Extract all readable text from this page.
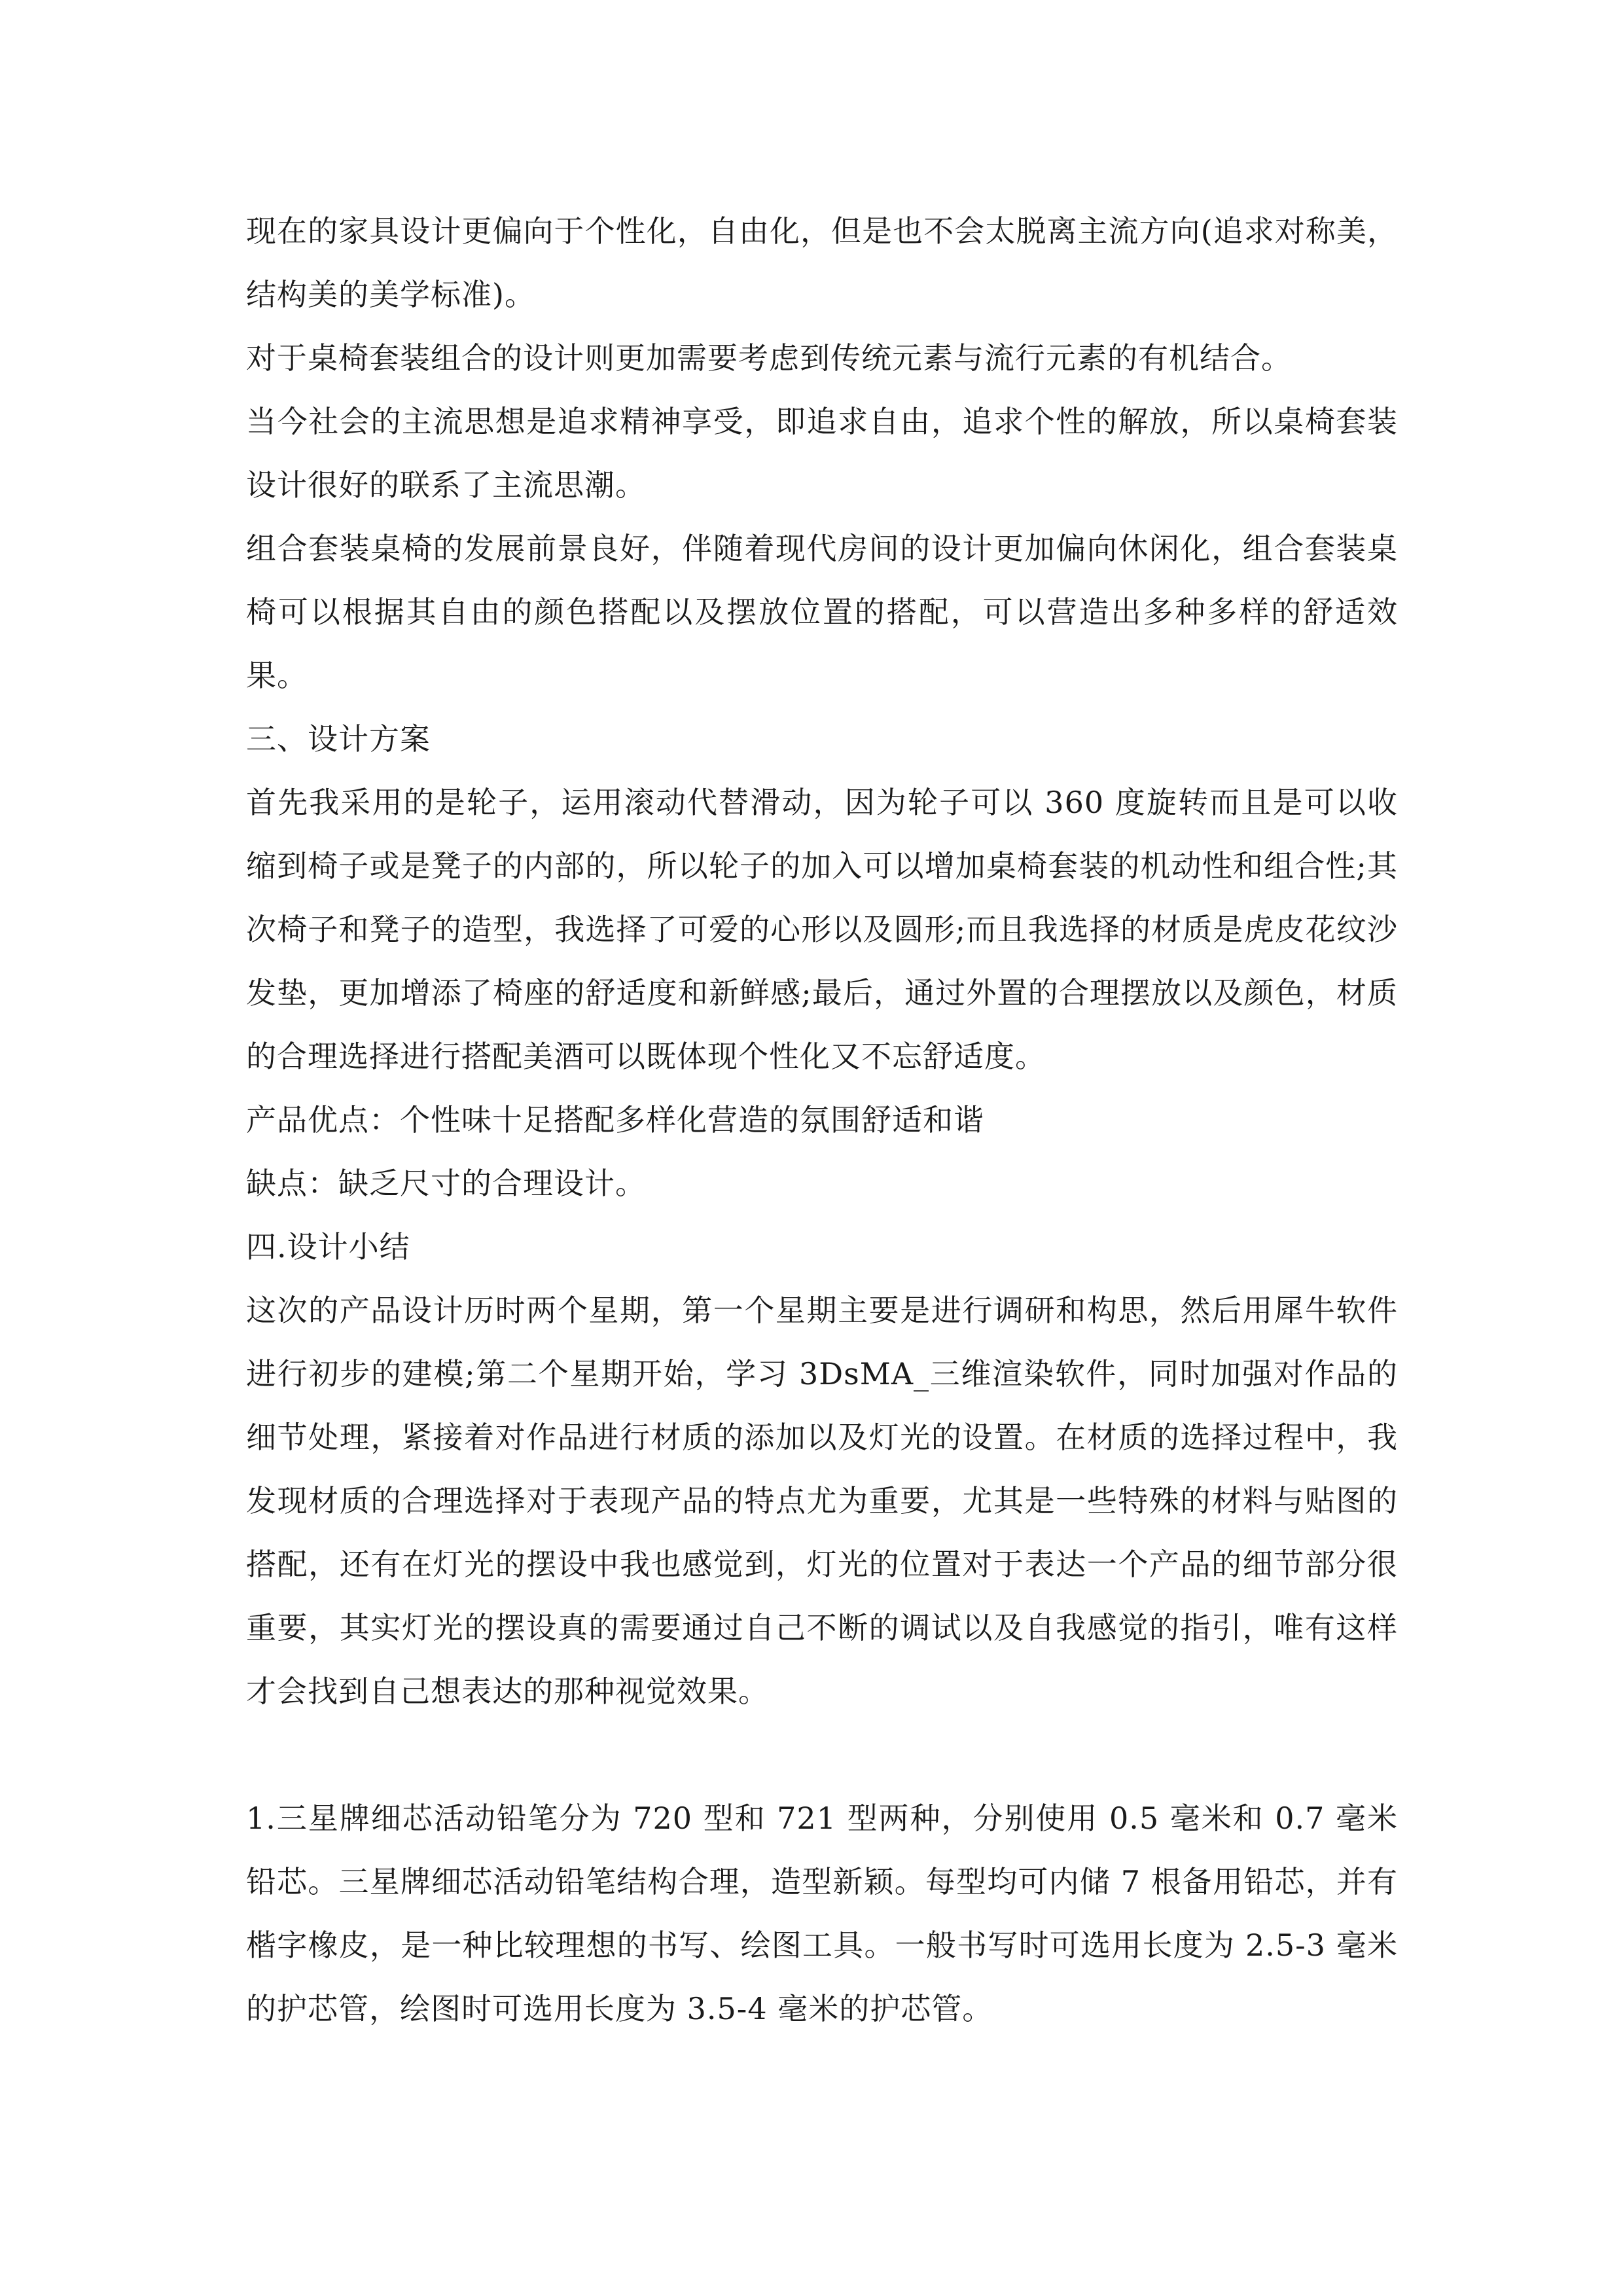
现在的家具设计更偏向于个性化，自由化，但是也不会太脱离主流方向(追求对称美，结构美的美学标准)。

对于桌椅套装组合的设计则更加需要考虑到传统元素与流行元素的有机结合。

当今社会的主流思想是追求精神享受，即追求自由，追求个性的解放，所以桌椅套装设计很好的联系了主流思潮。

组合套装桌椅的发展前景良好，伴随着现代房间的设计更加偏向休闲化，组合套装桌椅可以根据其自由的颜色搭配以及摆放位置的搭配，可以营造出多种多样的舒适效果。

三、设计方案

首先我采用的是轮子，运用滚动代替滑动，因为轮子可以 360 度旋转而且是可以收缩到椅子或是凳子的内部的，所以轮子的加入可以增加桌椅套装的机动性和组合性;其次椅子和凳子的造型，我选择了可爱的心形以及圆形;而且我选择的材质是虎皮花纹沙发垫，更加增添了椅座的舒适度和新鲜感;最后，通过外置的合理摆放以及颜色，材质的合理选择进行搭配美酒可以既体现个性化又不忘舒适度。

产品优点：个性味十足搭配多样化营造的氛围舒适和谐

缺点：缺乏尺寸的合理设计。

四.设计小结

这次的产品设计历时两个星期，第一个星期主要是进行调研和构思，然后用犀牛软件进行初步的建模;第二个星期开始，学习 3DsMA_三维渲染软件，同时加强对作品的细节处理，紧接着对作品进行材质的添加以及灯光的设置。在材质的选择过程中，我发现材质的合理选择对于表现产品的特点尤为重要，尤其是一些特殊的材料与贴图的搭配，还有在灯光的摆设中我也感觉到，灯光的位置对于表达一个产品的细节部分很重要，其实灯光的摆设真的需要通过自己不断的调试以及自我感觉的指引，唯有这样才会找到自己想表达的那种视觉效果。

1.三星牌细芯活动铅笔分为 720 型和 721 型两种，分别使用 0.5 毫米和 0.7 毫米铅芯。三星牌细芯活动铅笔结构合理，造型新颖。每型均可内储 7 根备用铅芯，并有楷字橡皮，是一种比较理想的书写、绘图工具。一般书写时可选用长度为 2.5-3 毫米的护芯管，绘图时可选用长度为 3.5-4 毫米的护芯管。
